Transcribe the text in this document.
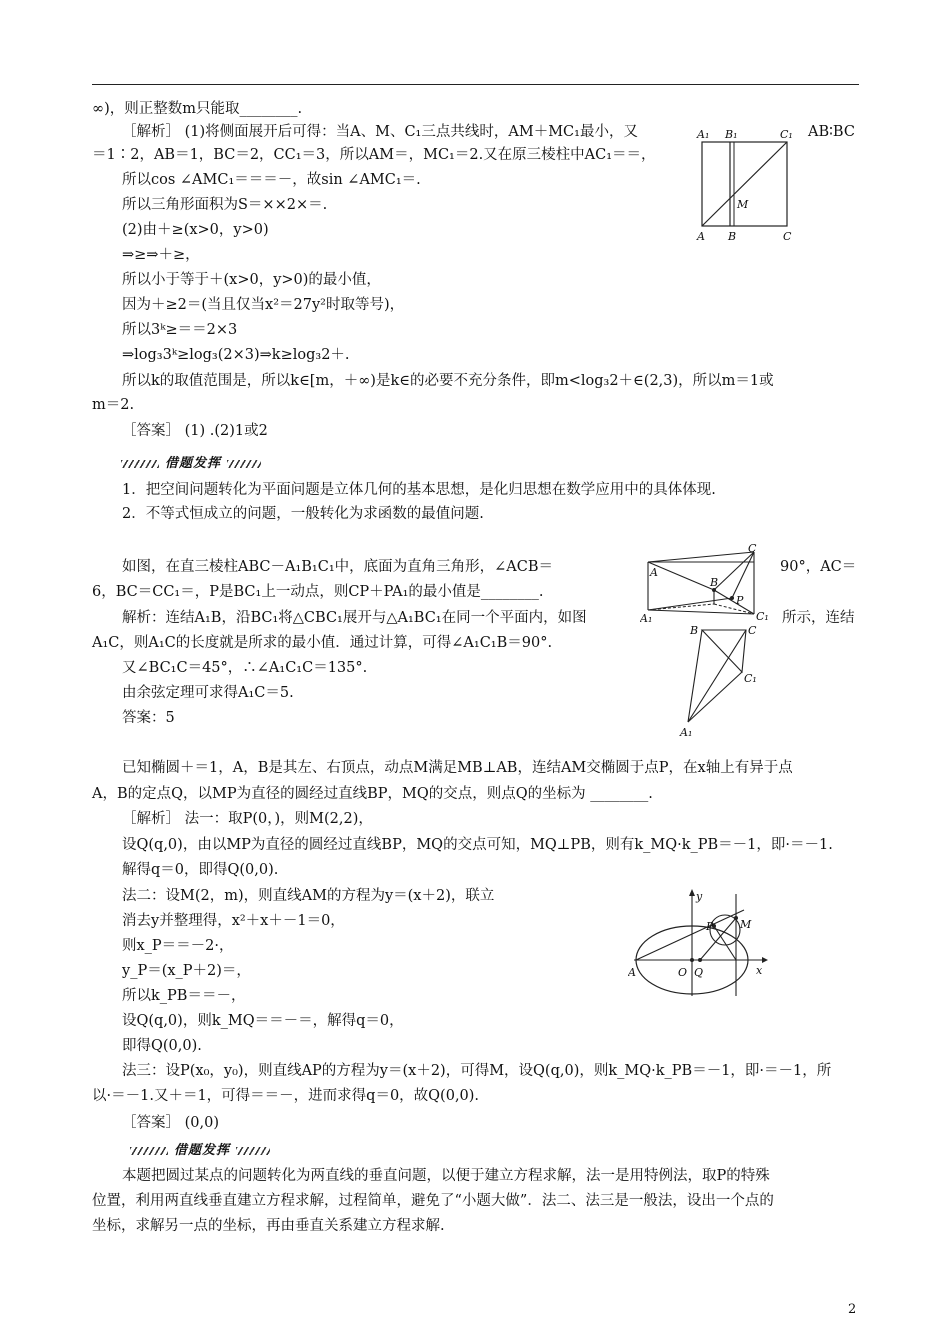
∞)，则正整数m只能取________.
［解析］ (1)将侧面展开后可得：当A、M、C₁三点共线时，AM＋MC₁最小，又	AB∶BC
＝1∶2，AB＝1，BC＝2，CC₁＝3，所以AM＝，MC₁＝2.又在原三棱柱中AC₁＝＝，
所以cos ∠AMC₁＝＝＝－，故sin ∠AMC₁＝.
所以三角形面积为S＝××2×＝.
(2)由＋≥(x>0，y>0)
⇒≥⇒＋≥，
所以小于等于＋(x>0，y>0)的最小值，
因为＋≥2＝(当且仅当x²＝27y²时取等号)，
所以3ᵏ≥＝＝2×3
⇒log₃3ᵏ≥log₃(2×3)⇒k≥log₃2＋.
所以k的取值范围是，所以k∈[m，＋∞)是k∈的必要不充分条件，即m<log₃2＋∈(2,3)，所以m＝1或
m＝2.
［答案］ (1) .(2)1或2
A₁ B₁	C₁
M
A B	C
借题发挥
1．把空间问题转化为平面问题是立体几何的基本思想，是化归思想在数学应用中的具体体现.
2．不等式恒成立的问题，一般转化为求函数的最值问题.
如图，在直三棱柱ABC－A₁B₁C₁中，底面为直角三角形，∠ACB＝	90°，AC＝
6，BC＝CC₁＝，P是BC₁上一动点，则CP＋PA₁的最小值是________.
解析：连结A₁B，沿BC₁将△CBC₁展开与△A₁BC₁在同一个平面内，如图	所示，连结
A₁C，则A₁C的长度就是所求的最小值．通过计算，可得∠A₁C₁B＝90°.
又∠BC₁C＝45°，∴∠A₁C₁C＝135°.
由余弦定理可求得A₁C＝5.
答案：5
C
A
B
P
A₁	C₁
B	C
C₁
A₁
已知椭圆＋＝1，A，B是其左、右顶点，动点M满足MB⊥AB，连结AM交椭圆于点P，在x轴上有异于点
A，B的定点Q，以MP为直径的圆经过直线BP，MQ的交点，则点Q的坐标为 ________.
［解析］ 法一：取P(0，)，则M(2,2)，
设Q(q,0)，由以MP为直径的圆经过直线BP，MQ的交点可知，MQ⊥PB，则有k_MQ·k_PB＝－1，即·＝－1.
解得q＝0，即得Q(0,0).
法二：设M(2，m)，则直线AM的方程为y＝(x＋2)，联立
消去y并整理得，x²＋x＋－1＝0，
则x_P＝＝－2·，
y_P＝(x_P＋2)＝，
所以k_PB＝＝－，
设Q(q,0)，则k_MQ＝＝－＝，解得q＝0，
即得Q(0,0).
法三：设P(x₀，y₀)，则直线AP的方程为y＝(x＋2)，可得M，设Q(q,0)，则k_MQ·k_PB＝－1，即·＝－1，所
以·＝－1.又＋＝1，可得＝＝－，进而求得q＝0，故Q(0,0).
［答案］ (0,0)
y
P M
A	O Q	x
借题发挥
本题把圆过某点的问题转化为两直线的垂直问题，以便于建立方程求解，法一是用特例法，取P的特殊
位置，利用两直线垂直建立方程求解，过程简单，避免了“小题大做”．法二、法三是一般法，设出一个点的
坐标，求解另一点的坐标，再由垂直关系建立方程求解.
2
